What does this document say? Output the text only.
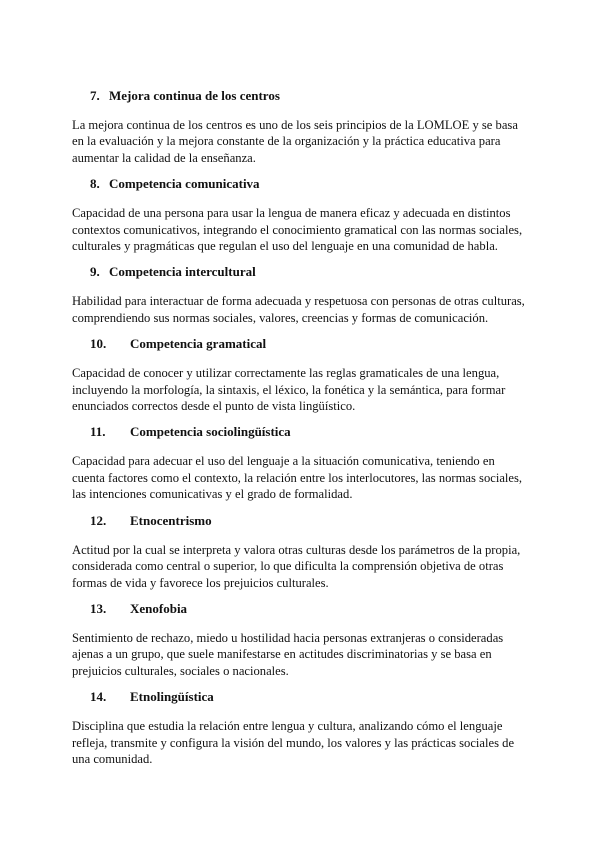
7. Mejora continua de los centros

La mejora continua de los centros es uno de los seis principios de la LOMLOE y se basa en la evaluación y la mejora constante de la organización y la práctica educativa para aumentar la calidad de la enseñanza.

8. Competencia comunicativa

Capacidad de una persona para usar la lengua de manera eficaz y adecuada en distintos contextos comunicativos, integrando el conocimiento gramatical con las normas sociales, culturales y pragmáticas que regulan el uso del lenguaje en una comunidad de habla.

9. Competencia intercultural

Habilidad para interactuar de forma adecuada y respetuosa con personas de otras culturas, comprendiendo sus normas sociales, valores, creencias y formas de comunicación.

10.	Competencia gramatical

Capacidad de conocer y utilizar correctamente las reglas gramaticales de una lengua, incluyendo la morfología, la sintaxis, el léxico, la fonética y la semántica, para formar enunciados correctos desde el punto de vista lingüístico.

11.	Competencia sociolingüística

Capacidad para adecuar el uso del lenguaje a la situación comunicativa, teniendo en cuenta factores como el contexto, la relación entre los interlocutores, las normas sociales, las intenciones comunicativas y el grado de formalidad.

12.	Etnocentrismo

Actitud por la cual se interpreta y valora otras culturas desde los parámetros de la propia, considerada como central o superior, lo que dificulta la comprensión objetiva de otras formas de vida y favorece los prejuicios culturales.

13.	Xenofobia

Sentimiento de rechazo, miedo u hostilidad hacia personas extranjeras o consideradas ajenas a un grupo, que suele manifestarse en actitudes discriminatorias y se basa en prejuicios culturales, sociales o nacionales.

14.	Etnolingüística

Disciplina que estudia la relación entre lengua y cultura, analizando cómo el lenguaje refleja, transmite y configura la visión del mundo, los valores y las prácticas sociales de una comunidad.
